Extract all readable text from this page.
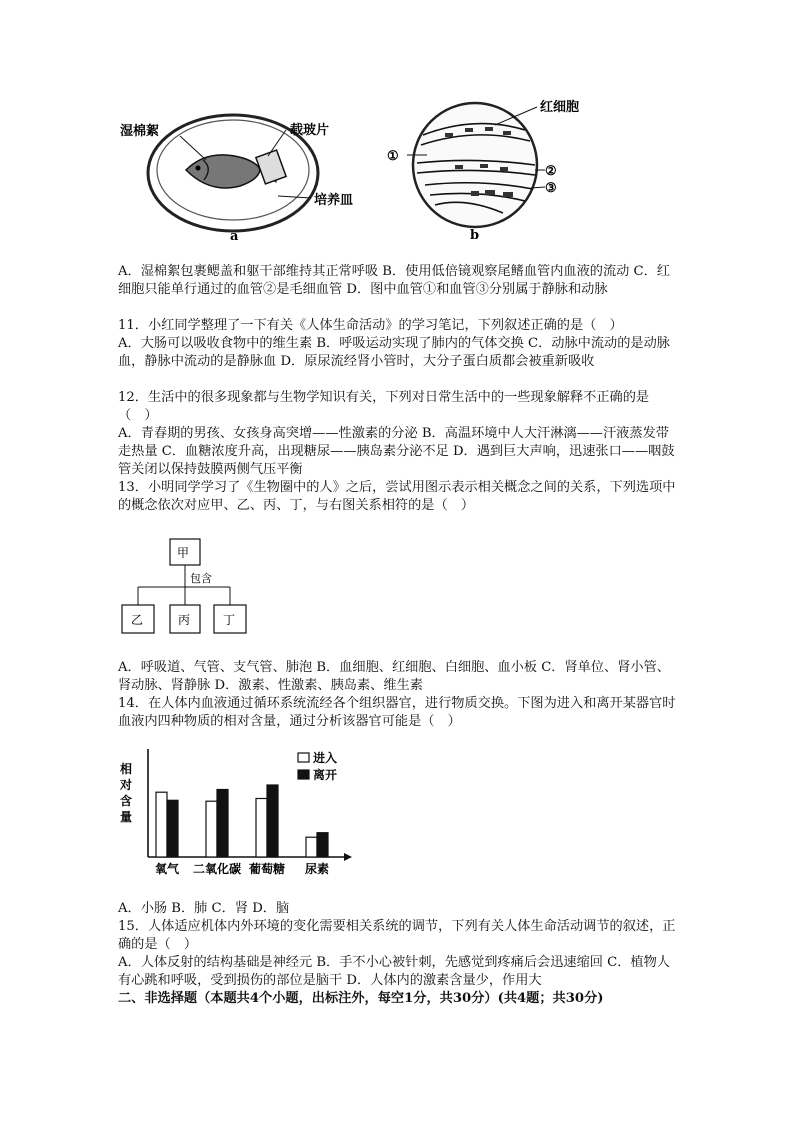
湿棉絮	载玻片
培养皿
a
①
红细胞
②
③
b
A．湿棉絮包裹鳃盖和躯干部维持其正常呼吸 B．使用低倍镜观察尾鳍血管内血液的流动 C．红细胞只能单行通过的血管②是毛细血管 D．图中血管①和血管③分别属于静脉和动脉
11．小红同学整理了一下有关《人体生命活动》的学习笔记，下列叙述正确的是（　）
A．大肠可以吸收食物中的维生素 B．呼吸运动实现了肺内的气体交换 C．动脉中流动的是动脉血，静脉中流动的是静脉血 D．原尿流经肾小管时，大分子蛋白质都会被重新吸收
12．生活中的很多现象都与生物学知识有关，下列对日常生活中的一些现象解释不正确的是（　）
A．青春期的男孩、女孩身高突增——性激素的分泌 B．高温环境中人大汗淋漓——汗液蒸发带走热量 C．血糖浓度升高，出现糖尿——胰岛素分泌不足 D．遇到巨大声响，迅速张口——咽鼓管关闭以保持鼓膜两侧气压平衡
13．小明同学学习了《生物圈中的人》之后，尝试用图示表示相关概念之间的关系，下列选项中的概念依次对应甲、乙、丙、丁，与右图关系相符的是（　）
甲
包含
乙	丙	丁
A．呼吸道、气管、支气管、肺泡 B．血细胞、红细胞、白细胞、血小板 C．肾单位、肾小管、肾动脉、肾静脉 D．激素、性激素、胰岛素、维生素
14．在人体内血液通过循环系统流经各个组织器官，进行物质交换。下图为进入和离开某器官时血液内四种物质的相对含量，通过分析该器官可能是（　）
相
对
含
量
氧气 二氧化碳 葡萄糖 尿素
进入
离开
A．小肠 B．肺 C．肾 D．脑
15．人体适应机体内外环境的变化需要相关系统的调节，下列有关人体生命活动调节的叙述，正确的是（　）
A．人体反射的结构基础是神经元 B．手不小心被针刺，先感觉到疼痛后会迅速缩回 C．植物人有心跳和呼吸，受到损伤的部位是脑干 D．人体内的激素含量少，作用大
二、非选择题（本题共4个小题，出标注外，每空1分，共30分）(共4题；共30分)
